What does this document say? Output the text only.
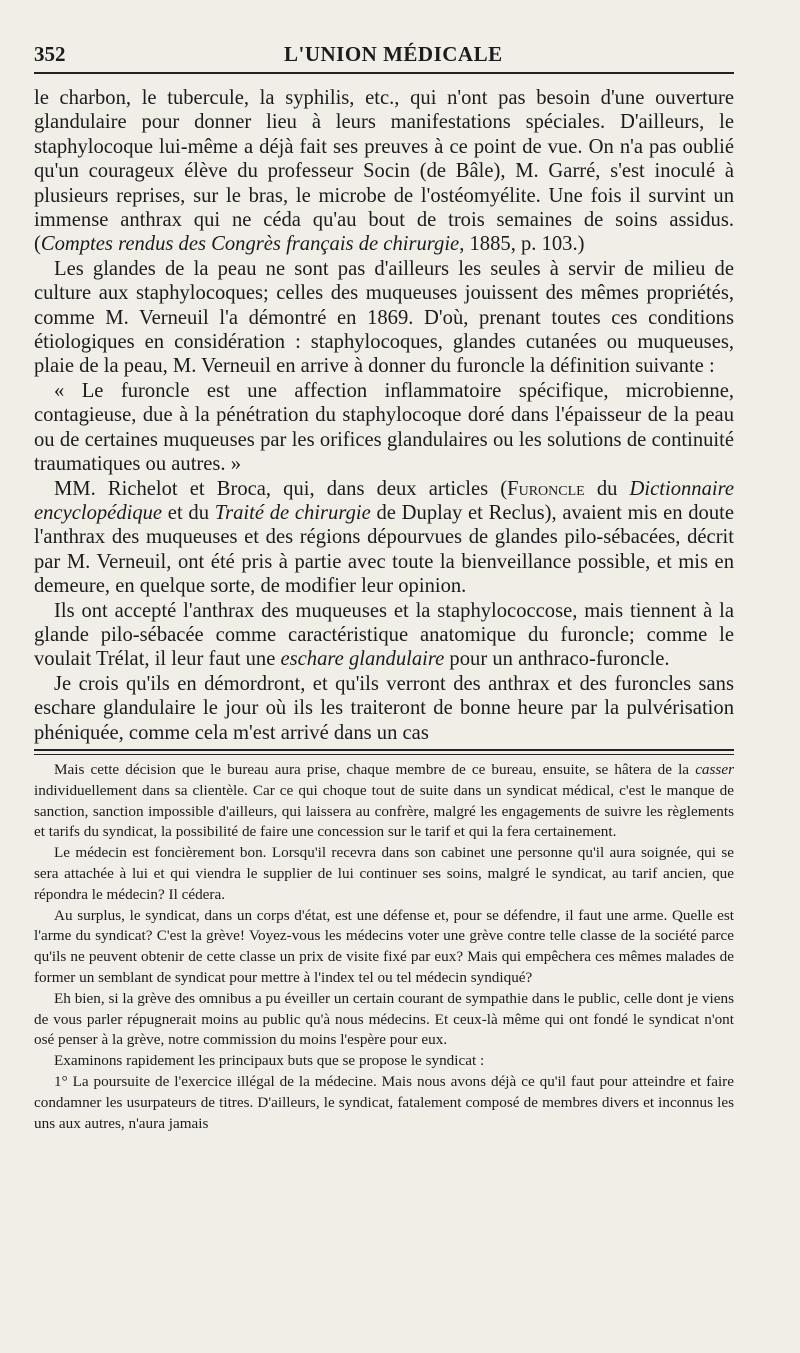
352	L'UNION MÉDICALE

le charbon, le tubercule, la syphilis, etc., qui n'ont pas besoin d'une ouverture glandulaire pour donner lieu à leurs manifestations spéciales. D'ailleurs, le staphylocoque lui-même a déjà fait ses preuves à ce point de vue. On n'a pas oublié qu'un courageux élève du professeur Socin (de Bâle), M. Garré, s'est inoculé à plusieurs reprises, sur le bras, le microbe de l'ostéomyélite. Une fois il survint un immense anthrax qui ne céda qu'au bout de trois semaines de soins assidus. (Comptes rendus des Congrès français de chirurgie, 1885, p. 103.)

Les glandes de la peau ne sont pas d'ailleurs les seules à servir de milieu de culture aux staphylocoques; celles des muqueuses jouissent des mêmes propriétés, comme M. Verneuil l'a démontré en 1869. D'où, prenant toutes ces conditions étiologiques en considération : staphylocoques, glandes cutanées ou muqueuses, plaie de la peau, M. Verneuil en arrive à donner du furoncle la définition suivante :

« Le furoncle est une affection inflammatoire spécifique, microbienne, contagieuse, due à la pénétration du staphylocoque doré dans l'épaisseur de la peau ou de certaines muqueuses par les orifices glandulaires ou les solutions de continuité traumatiques ou autres. »

MM. Richelot et Broca, qui, dans deux articles (Furoncle du Dictionnaire encyclopédique et du Traité de chirurgie de Duplay et Reclus), avaient mis en doute l'anthrax des muqueuses et des régions dépourvues de glandes pilo-sébacées, décrit par M. Verneuil, ont été pris à partie avec toute la bienveillance possible, et mis en demeure, en quelque sorte, de modifier leur opinion.

Ils ont accepté l'anthrax des muqueuses et la staphylococcose, mais tiennent à la glande pilo-sébacée comme caractéristique anatomique du furoncle; comme le voulait Trélat, il leur faut une eschare glandulaire pour un anthraco-furoncle.

Je crois qu'ils en démordront, et qu'ils verront des anthrax et des furoncles sans eschare glandulaire le jour où ils les traiteront de bonne heure par la pulvérisation phéniquée, comme cela m'est arrivé dans un cas

Mais cette décision que le bureau aura prise, chaque membre de ce bureau, ensuite, se hâtera de la casser individuellement dans sa clientèle. Car ce qui choque tout de suite dans un syndicat médical, c'est le manque de sanction, sanction impossible d'ailleurs, qui laissera au confrère, malgré les engagements de suivre les règlements et tarifs du syndicat, la possibilité de faire une concession sur le tarif et qui la fera certainement.

Le médecin est foncièrement bon. Lorsqu'il recevra dans son cabinet une personne qu'il aura soignée, qui se sera attachée à lui et qui viendra le supplier de lui continuer ses soins, malgré le syndicat, au tarif ancien, que répondra le médecin? Il cédera.

Au surplus, le syndicat, dans un corps d'état, est une défense et, pour se défendre, il faut une arme. Quelle est l'arme du syndicat? C'est la grève! Voyez-vous les médecins voter une grève contre telle classe de la société parce qu'ils ne peuvent obtenir de cette classe un prix de visite fixé par eux? Mais qui empêchera ces mêmes malades de former un semblant de syndicat pour mettre à l'index tel ou tel médecin syndiqué?

Eh bien, si la grève des omnibus a pu éveiller un certain courant de sympathie dans le public, celle dont je viens de vous parler répugnerait moins au public qu'à nous médecins. Et ceux-là même qui ont fondé le syndicat n'ont osé penser à la grève, notre commission du moins l'espère pour eux.

Examinons rapidement les principaux buts que se propose le syndicat :

1° La poursuite de l'exercice illégal de la médecine. Mais nous avons déjà ce qu'il faut pour atteindre et faire condamner les usurpateurs de titres. D'ailleurs, le syndicat, fatalement composé de membres divers et inconnus les uns aux autres, n'aura jamais
